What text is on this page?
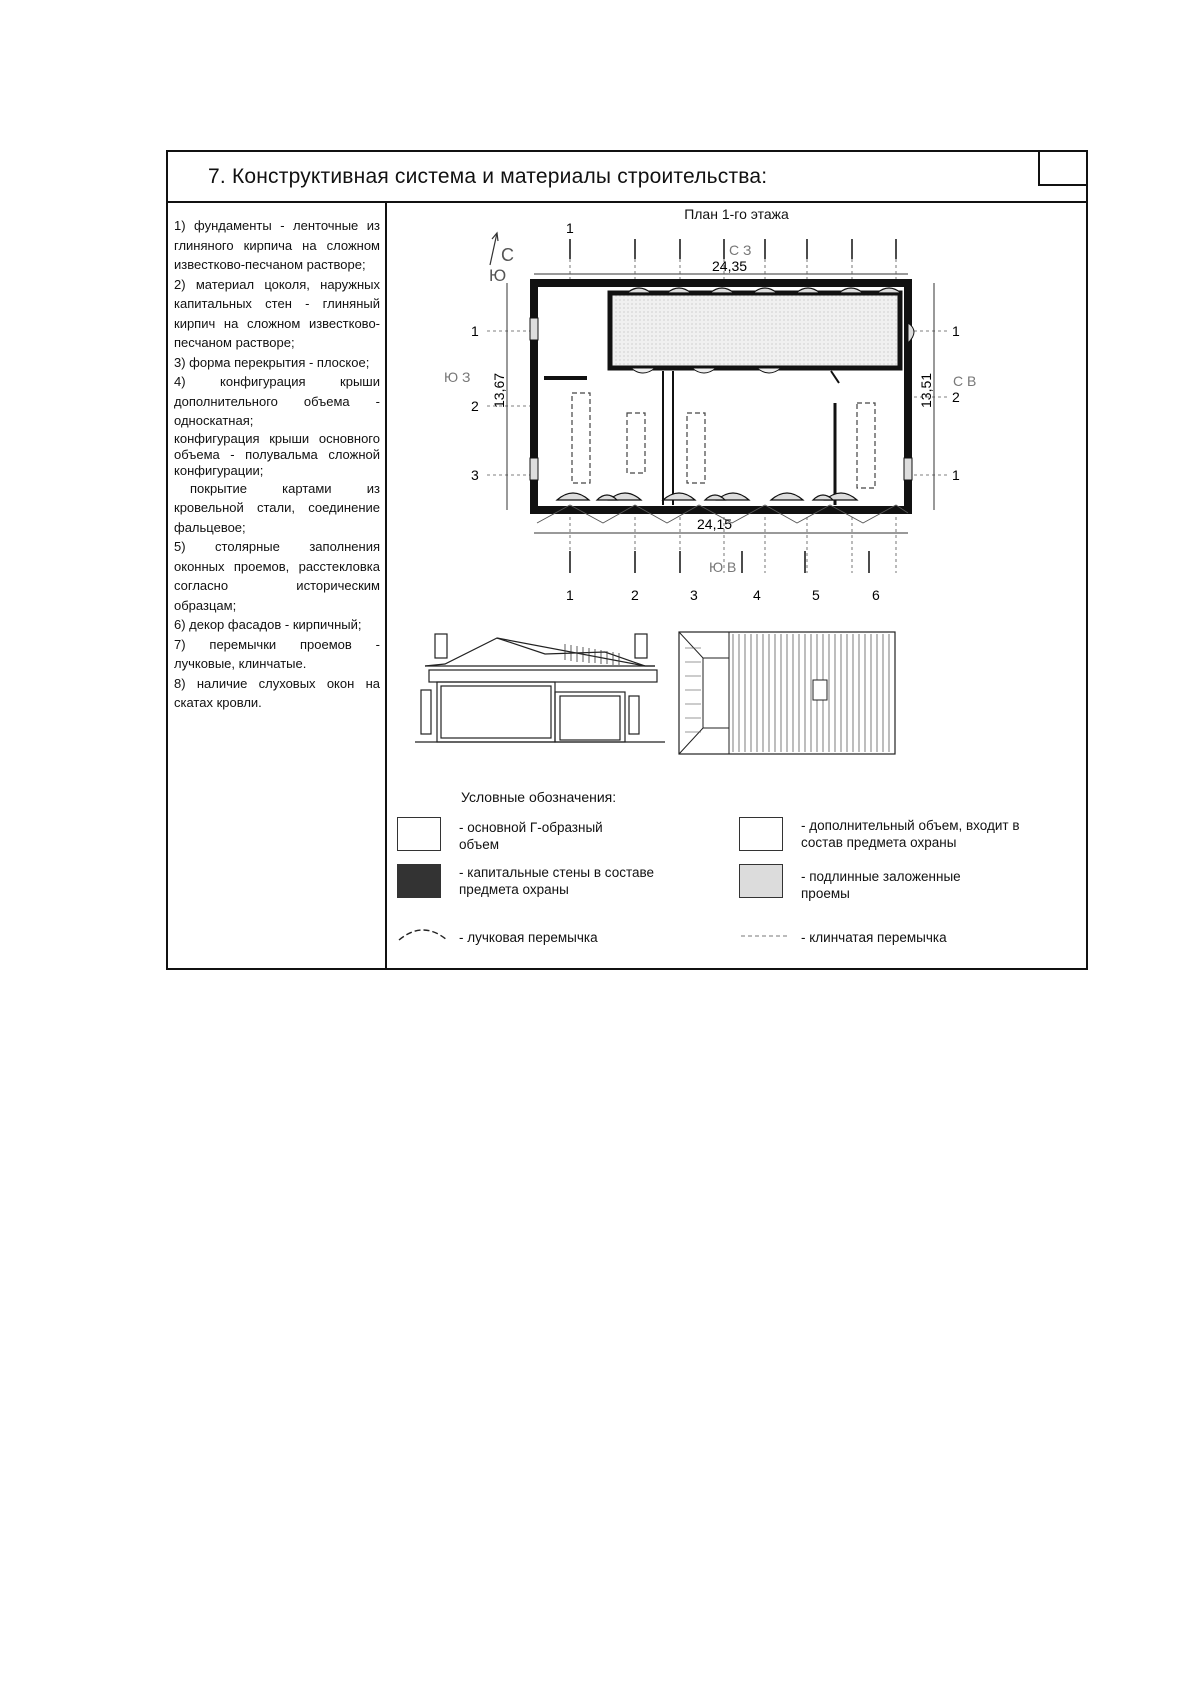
7. Конструктивная система и материалы строительства:
1) фундаменты - ленточные из глиняного кирпича на сложном известково-песчаном растворе;
2) материал цоколя, наружных капитальных стен - глиняный кирпич на сложном известково-песчаном растворе;
3) форма перекрытия - плоское;
4) конфигурация крыши дополнительного объема - односкатная;
конфигурация крыши основного объема - полувальма сложной конфигурации;
покрытие картами из кровельной стали, соединение фальцевое;
5) столярные заполнения оконных проемов, расстекловка согласно историческим образцам;
6) декор фасадов - кирпичный;
7) перемычки проемов - лучковые, клинчатые.
8) наличие слуховых окон на скатах кровли.
План 1-го этажа
С
Ю
С З
Ю З	С В
Ю В
1
24,35
24,15
1	2	3	4	5	6
13,67
1
2
3
13,51
1
2
1
Условные обозначения:
- основной Г-образный объем
- дополнительный объем, входит в состав предмета охраны
- капитальные стены в составе предмета охраны
- подлинные заложенные проемы
- лучковая перемычка	- клинчатая перемычка
